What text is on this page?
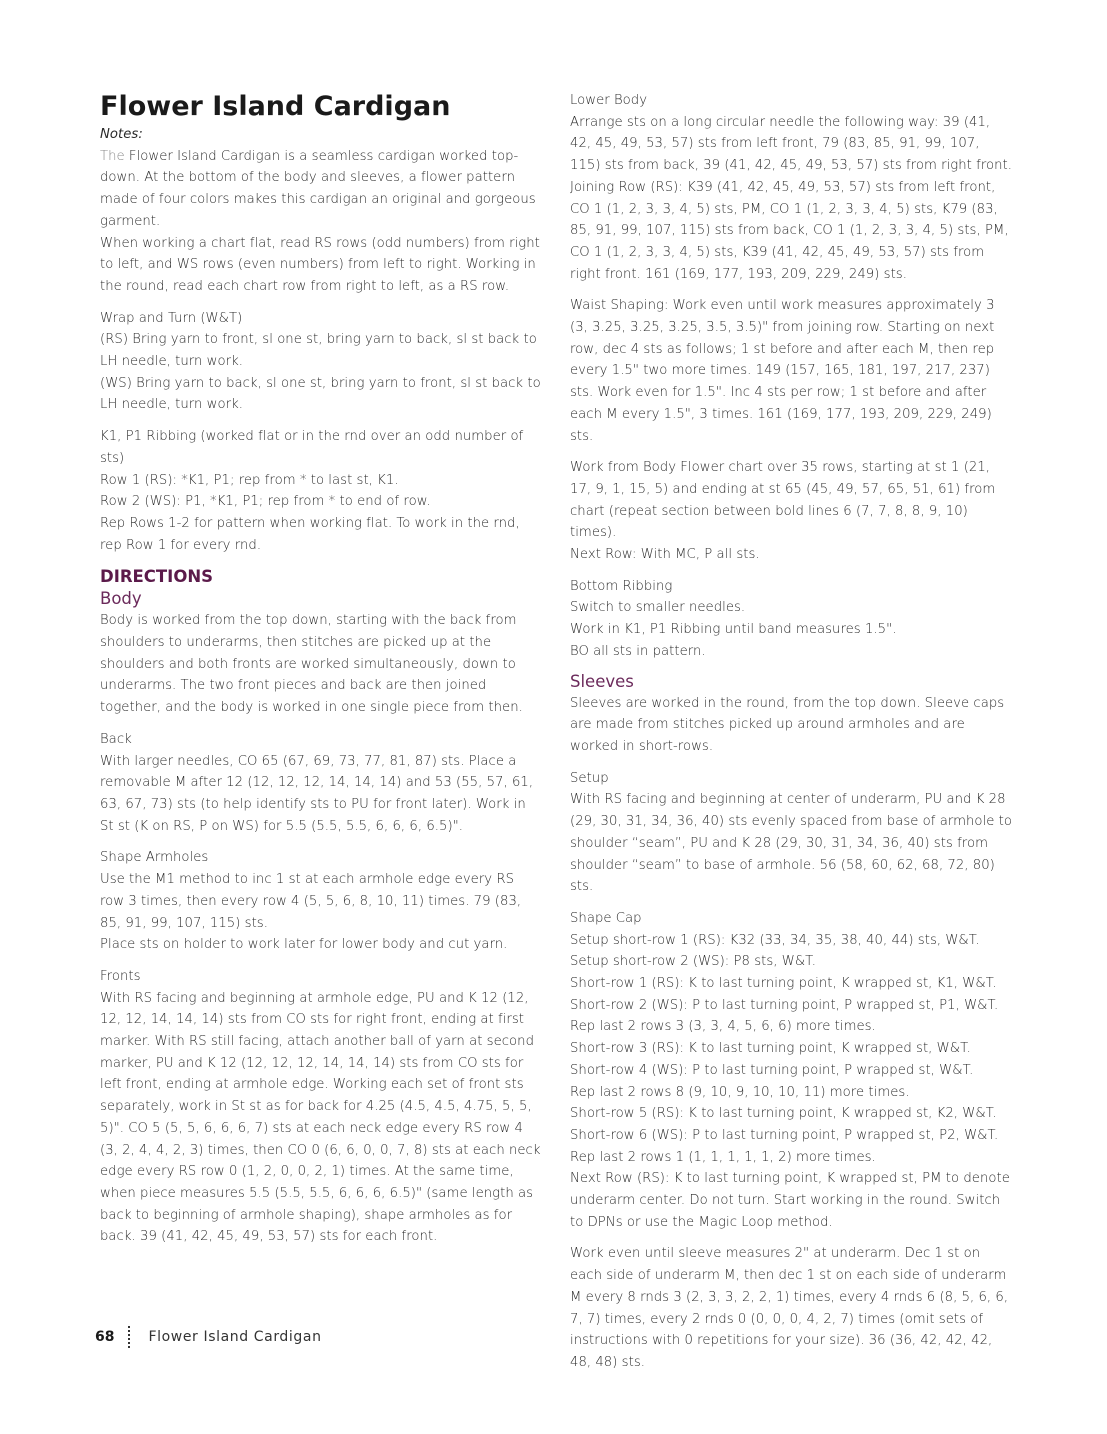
Flower Island Cardigan

Notes:

The Flower Island Cardigan is a seamless cardigan worked top-down. At the bottom of the body and sleeves, a flower pattern made of four colors makes this cardigan an original and gorgeous garment.

When working a chart flat, read RS rows (odd numbers) from right to left, and WS rows (even numbers) from left to right. Working in the round, read each chart row from right to left, as a RS row.

Wrap and Turn (W&T)

(RS) Bring yarn to front, sl one st, bring yarn to back, sl st back to LH needle, turn work.

(WS) Bring yarn to back, sl one st, bring yarn to front, sl st back to LH needle, turn work.

K1, P1 Ribbing (worked flat or in the rnd over an odd number of sts)

Row 1 (RS): *K1, P1; rep from * to last st, K1.

Row 2 (WS): P1, *K1, P1; rep from * to end of row.

Rep Rows 1-2 for pattern when working flat. To work in the rnd, rep Row 1 for every rnd.

DIRECTIONS
Body

Body is worked from the top down, starting with the back from shoulders to underarms, then stitches are picked up at the shoulders and both fronts are worked simultaneously, down to underarms. The two front pieces and back are then joined together, and the body is worked in one single piece from then.

Back

With larger needles, CO 65 (67, 69, 73, 77, 81, 87) sts. Place a removable M after 12 (12, 12, 12, 14, 14, 14) and 53 (55, 57, 61, 63, 67, 73) sts (to help identify sts to PU for front later). Work in St st (K on RS, P on WS) for 5.5 (5.5, 5.5, 6, 6, 6, 6.5)".

Shape Armholes

Use the M1 method to inc 1 st at each armhole edge every RS row 3 times, then every row 4 (5, 5, 6, 8, 10, 11) times. 79 (83, 85, 91, 99, 107, 115) sts.

Place sts on holder to work later for lower body and cut yarn.

Fronts

With RS facing and beginning at armhole edge, PU and K 12 (12, 12, 12, 14, 14, 14) sts from CO sts for right front, ending at first marker. With RS still facing, attach another ball of yarn at second marker, PU and K 12 (12, 12, 12, 14, 14, 14) sts from CO sts for left front, ending at armhole edge. Working each set of front sts separately, work in St st as for back for 4.25 (4.5, 4.5, 4.75, 5, 5, 5)". CO 5 (5, 5, 6, 6, 6, 7) sts at each neck edge every RS row 4 (3, 2, 4, 4, 2, 3) times, then CO 0 (6, 6, 0, 0, 7, 8) sts at each neck edge every RS row 0 (1, 2, 0, 0, 2, 1) times. At the same time, when piece measures 5.5 (5.5, 5.5, 6, 6, 6, 6.5)" (same length as back to beginning of armhole shaping), shape armholes as for back. 39 (41, 42, 45, 49, 53, 57) sts for each front.

Lower Body

Arrange sts on a long circular needle the following way: 39 (41, 42, 45, 49, 53, 57) sts from left front, 79 (83, 85, 91, 99, 107, 115) sts from back, 39 (41, 42, 45, 49, 53, 57) sts from right front.

Joining Row (RS): K39 (41, 42, 45, 49, 53, 57) sts from left front, CO 1 (1, 2, 3, 3, 4, 5) sts, PM, CO 1 (1, 2, 3, 3, 4, 5) sts, K79 (83, 85, 91, 99, 107, 115) sts from back, CO 1 (1, 2, 3, 3, 4, 5) sts, PM, CO 1 (1, 2, 3, 3, 4, 5) sts, K39 (41, 42, 45, 49, 53, 57) sts from right front. 161 (169, 177, 193, 209, 229, 249) sts.

Waist Shaping: Work even until work measures approximately 3 (3, 3.25, 3.25, 3.25, 3.5, 3.5)" from joining row. Starting on next row, dec 4 sts as follows; 1 st before and after each M, then rep every 1.5" two more times. 149 (157, 165, 181, 197, 217, 237) sts. Work even for 1.5". Inc 4 sts per row; 1 st before and after each M every 1.5", 3 times. 161 (169, 177, 193, 209, 229, 249) sts.

Work from Body Flower chart over 35 rows, starting at st 1 (21, 17, 9, 1, 15, 5) and ending at st 65 (45, 49, 57, 65, 51, 61) from chart (repeat section between bold lines 6 (7, 7, 8, 8, 9, 10) times).

Next Row: With MC, P all sts.

Bottom Ribbing

Switch to smaller needles.

Work in K1, P1 Ribbing until band measures 1.5".

BO all sts in pattern.

Sleeves

Sleeves are worked in the round, from the top down. Sleeve caps are made from stitches picked up around armholes and are worked in short-rows.

Setup

With RS facing and beginning at center of underarm, PU and K 28 (29, 30, 31, 34, 36, 40) sts evenly spaced from base of armhole to shoulder “seam”, PU and K 28 (29, 30, 31, 34, 36, 40) sts from shoulder “seam” to base of armhole. 56 (58, 60, 62, 68, 72, 80) sts.

Shape Cap

Setup short-row 1 (RS): K32 (33, 34, 35, 38, 40, 44) sts, W&T.

Setup short-row 2 (WS): P8 sts, W&T.

Short-row 1 (RS): K to last turning point, K wrapped st, K1, W&T.

Short-row 2 (WS): P to last turning point, P wrapped st, P1, W&T.

Rep last 2 rows 3 (3, 3, 4, 5, 6, 6) more times.

Short-row 3 (RS): K to last turning point, K wrapped st, W&T.

Short-row 4 (WS): P to last turning point, P wrapped st, W&T.

Rep last 2 rows 8 (9, 10, 9, 10, 10, 11) more times.

Short-row 5 (RS): K to last turning point, K wrapped st, K2, W&T.

Short-row 6 (WS): P to last turning point, P wrapped st, P2, W&T.

Rep last 2 rows 1 (1, 1, 1, 1, 1, 2) more times.

Next Row (RS): K to last turning point, K wrapped st, PM to denote underarm center. Do not turn. Start working in the round. Switch to DPNs or use the Magic Loop method.

Work even until sleeve measures 2" at underarm. Dec 1 st on each side of underarm M, then dec 1 st on each side of underarm M every 8 rnds 3 (2, 3, 3, 2, 2, 1) times, every 4 rnds 6 (8, 5, 6, 6, 7, 7) times, every 2 rnds 0 (0, 0, 0, 4, 2, 7) times (omit sets of instructions with 0 repetitions for your size). 36 (36, 42, 42, 42, 48, 48) sts.

68 Flower Island Cardigan
